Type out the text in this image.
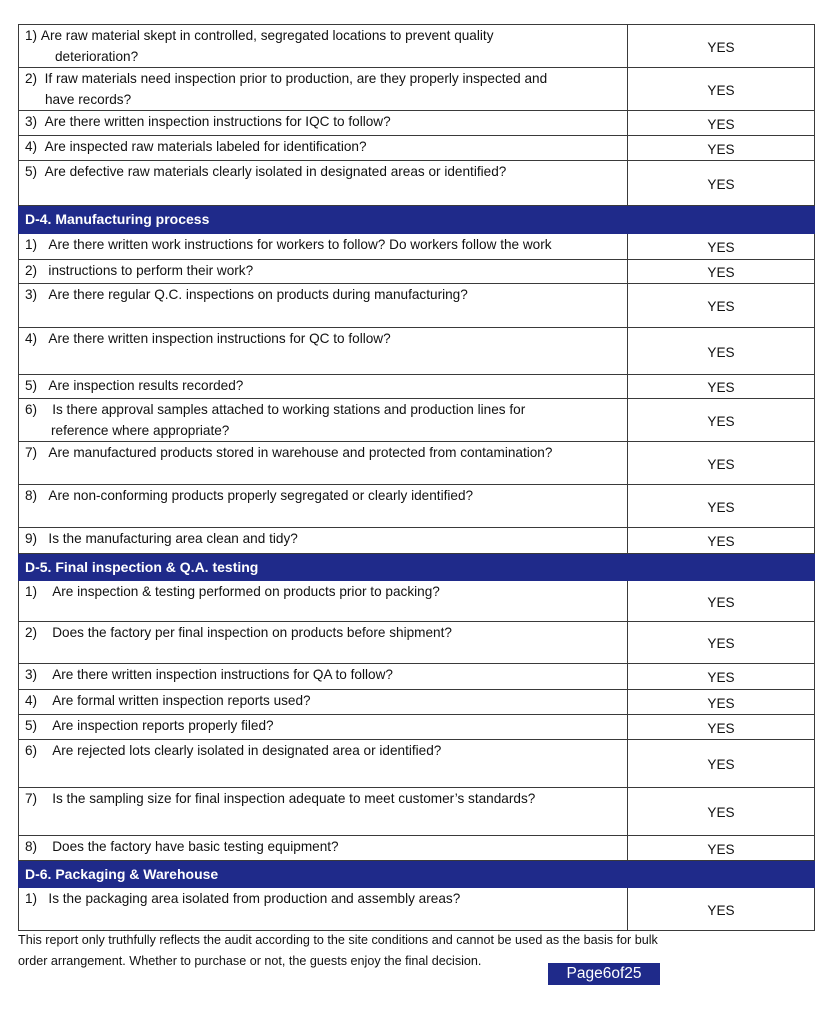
1) Are raw material skept in controlled, segregated locations to prevent quality
deterioration?	YES

2) If raw materials need inspection prior to production, are they properly inspected and
have records?	YES

3) Are there written inspection instructions for IQC to follow?	YES

4) Are inspected raw materials labeled for identification?	YES

5) Are defective raw materials clearly isolated in designated areas or identified?	YES
D-4. Manufacturing process	

1) Are there written work instructions for workers to follow? Do workers follow the work	YES

2) instructions to perform their work?	YES

3) Are there regular Q.C. inspections on products during manufacturing?	YES

4) Are there written inspection instructions for QC to follow?	YES

5) Are inspection results recorded?	YES

6) Is there approval samples attached to working stations and production lines for
reference where appropriate?	YES

7) Are manufactured products stored in warehouse and protected from contamination?	YES

8) Are non-conforming products properly segregated or clearly identified?	YES

9) Is the manufacturing area clean and tidy?	YES
D-5. Final inspection & Q.A. testing	

1) Are inspection & testing performed on products prior to packing?	YES

2) Does the factory per final inspection on products before shipment?	YES

3) Are there written inspection instructions for QA to follow?	YES

4) Are formal written inspection reports used?	YES

5) Are inspection reports properly filed?	YES

6) Are rejected lots clearly isolated in designated area or identified?	YES

7) Is the sampling size for final inspection adequate to meet customer’s standards?	YES

8) Does the factory have basic testing equipment?	YES
D-6. Packaging & Warehouse	

1) Is the packaging area isolated from production and assembly areas?	YES
This report only truthfully reflects the audit according to the site conditions and cannot be used as the basis for bulk
order arrangement. Whether to purchase or not, the guests enjoy the final decision.
Page6of25
